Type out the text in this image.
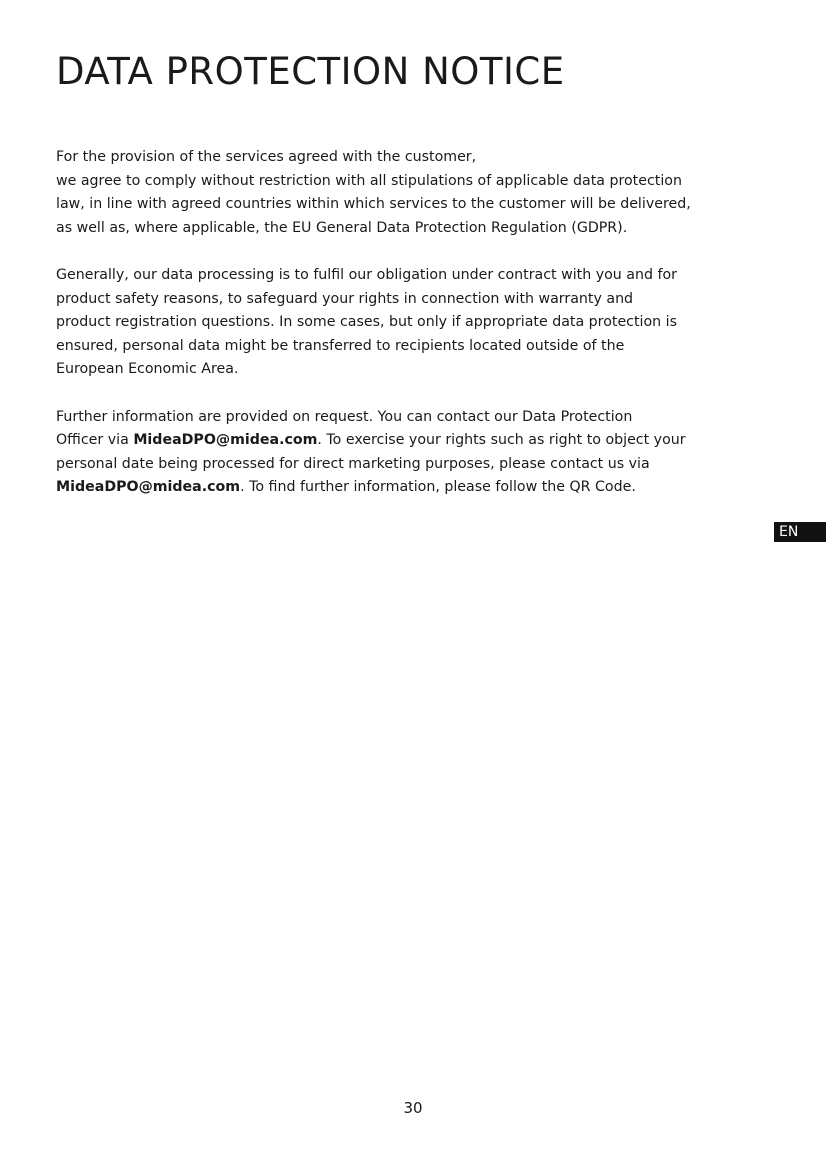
DATA PROTECTION NOTICE

For the provision of the services agreed with the customer,
we agree to comply without restriction with all stipulations of applicable data protection
law, in line with agreed countries within which services to the customer will be delivered,
as well as, where applicable, the EU General Data Protection Regulation (GDPR).

Generally, our data processing is to fulfil our obligation under contract with you and for
product safety reasons, to safeguard your rights in connection with warranty and
product registration questions. In some cases, but only if appropriate data protection is
ensured, personal data might be transferred to recipients located outside of the
European Economic Area.

Further information are provided on request. You can contact our Data Protection
Officer via MideaDPO@midea.com. To exercise your rights such as right to object your
personal date being processed for direct marketing purposes, please contact us via
MideaDPO@midea.com. To find further information, please follow the QR Code.

EN
30
